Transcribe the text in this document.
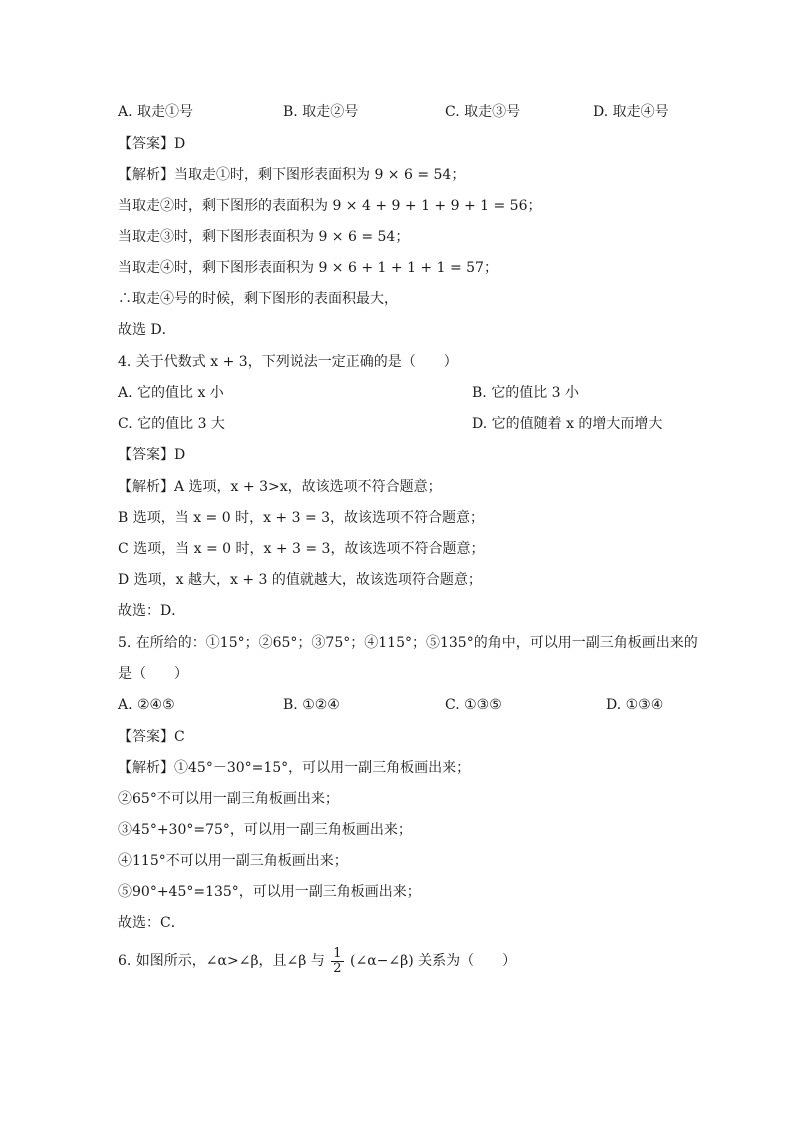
A. 取走①号	B. 取走②号	C. 取走③号	D. 取走④号
【答案】D
【解析】当取走①时，剩下图形表面积为 9 × 6 = 54；
当取走②时，剩下图形的表面积为 9 × 4 + 9 + 1 + 9 + 1 = 56；
当取走③时，剩下图形表面积为 9 × 6 = 54；
当取走④时，剩下图形表面积为 9 × 6 + 1 + 1 + 1 = 57；
∴取走④号的时候，剩下图形的表面积最大，
故选 D．
4. 关于代数式 x + 3，下列说法一定正确的是（　　）
A. 它的值比 x 小	B. 它的值比 3 小
C. 它的值比 3 大	D. 它的值随着 x 的增大而增大
【答案】D
【解析】A 选项，x + 3>x，故该选项不符合题意；
B 选项，当 x = 0 时，x + 3 = 3，故该选项不符合题意；
C 选项，当 x = 0 时，x + 3 = 3，故该选项不符合题意；
D 选项，x 越大，x + 3 的值就越大，故该选项符合题意；
故选：D．
5. 在所给的：①15°；②65°；③75°；④115°；⑤135°的角中，可以用一副三角板画出来的
是（　　）
A. ②④⑤	B. ①②④	C. ①③⑤	D. ①③④
【答案】C
【解析】①45°－30°=15°，可以用一副三角板画出来；
②65°不可以用一副三角板画出来；
③45°+30°=75°，可以用一副三角板画出来；
④115°不可以用一副三角板画出来；
⑤90°+45°=135°，可以用一副三角板画出来；
故选：C．
6. 如图所示，∠α>∠β，且∠β 与 $\frac{1}{2}$ (∠α−∠β) 关系为（　　）
